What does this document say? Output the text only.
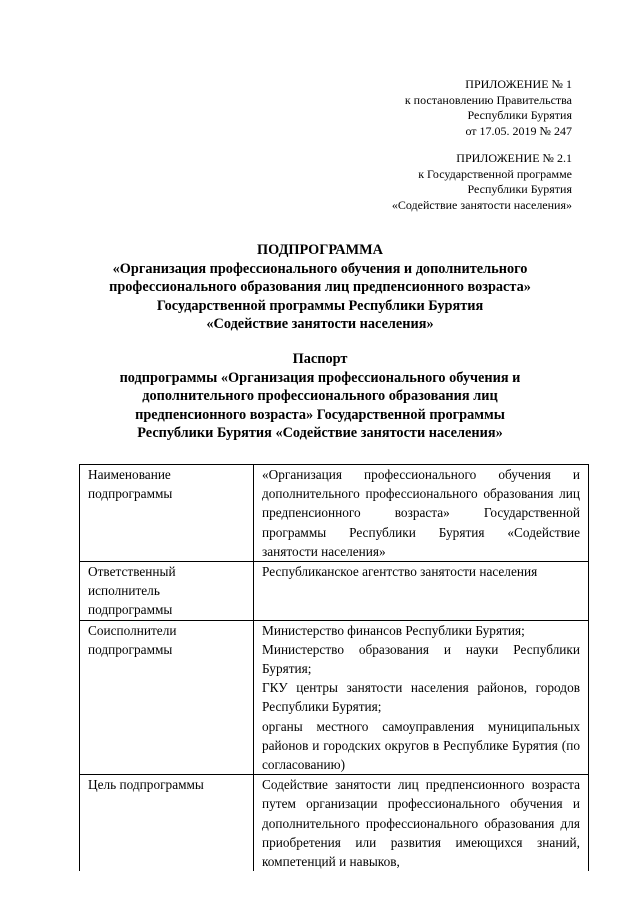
ПРИЛОЖЕНИЕ № 1
к постановлению Правительства
Республики Бурятия
от 17.05. 2019 № 247
ПРИЛОЖЕНИЕ № 2.1
к Государственной программе
Республики Бурятия
«Содействие занятости населения»
ПОДПРОГРАММА
«Организация профессионального обучения и дополнительного
профессионального образования лиц предпенсионного возраста»
Государственной программы Республики Бурятия
«Содействие занятости населения»
Паспорт
подпрограммы «Организация профессионального обучения и
дополнительного профессионального образования лиц
предпенсионного возраста» Государственной программы
Республики Бурятия «Содействие занятости населения»
Наименование подпрограммы	«Организация профессионального обучения и дополнительного профессионального образования лиц предпенсионного возраста» Государственной программы Республики Бурятия «Содействие занятости населения»

Ответственный исполнитель подпрограммы	Республиканское агентство занятости населения

Соисполнители подпрограммы	Министерство финансов Республики Бурятия;
Министерство образования и науки Республики Бурятия;
ГКУ центры занятости населения районов, городов Республики Бурятия;
органы местного самоуправления муниципальных районов и городских округов в Республике Бурятия (по согласованию)

Цель подпрограммы	Содействие занятости лиц предпенсионного возраста путем организации профессионального обучения и дополнительного профессионального образования для приобретения или развития имеющихся знаний, компетенций и навыков,
